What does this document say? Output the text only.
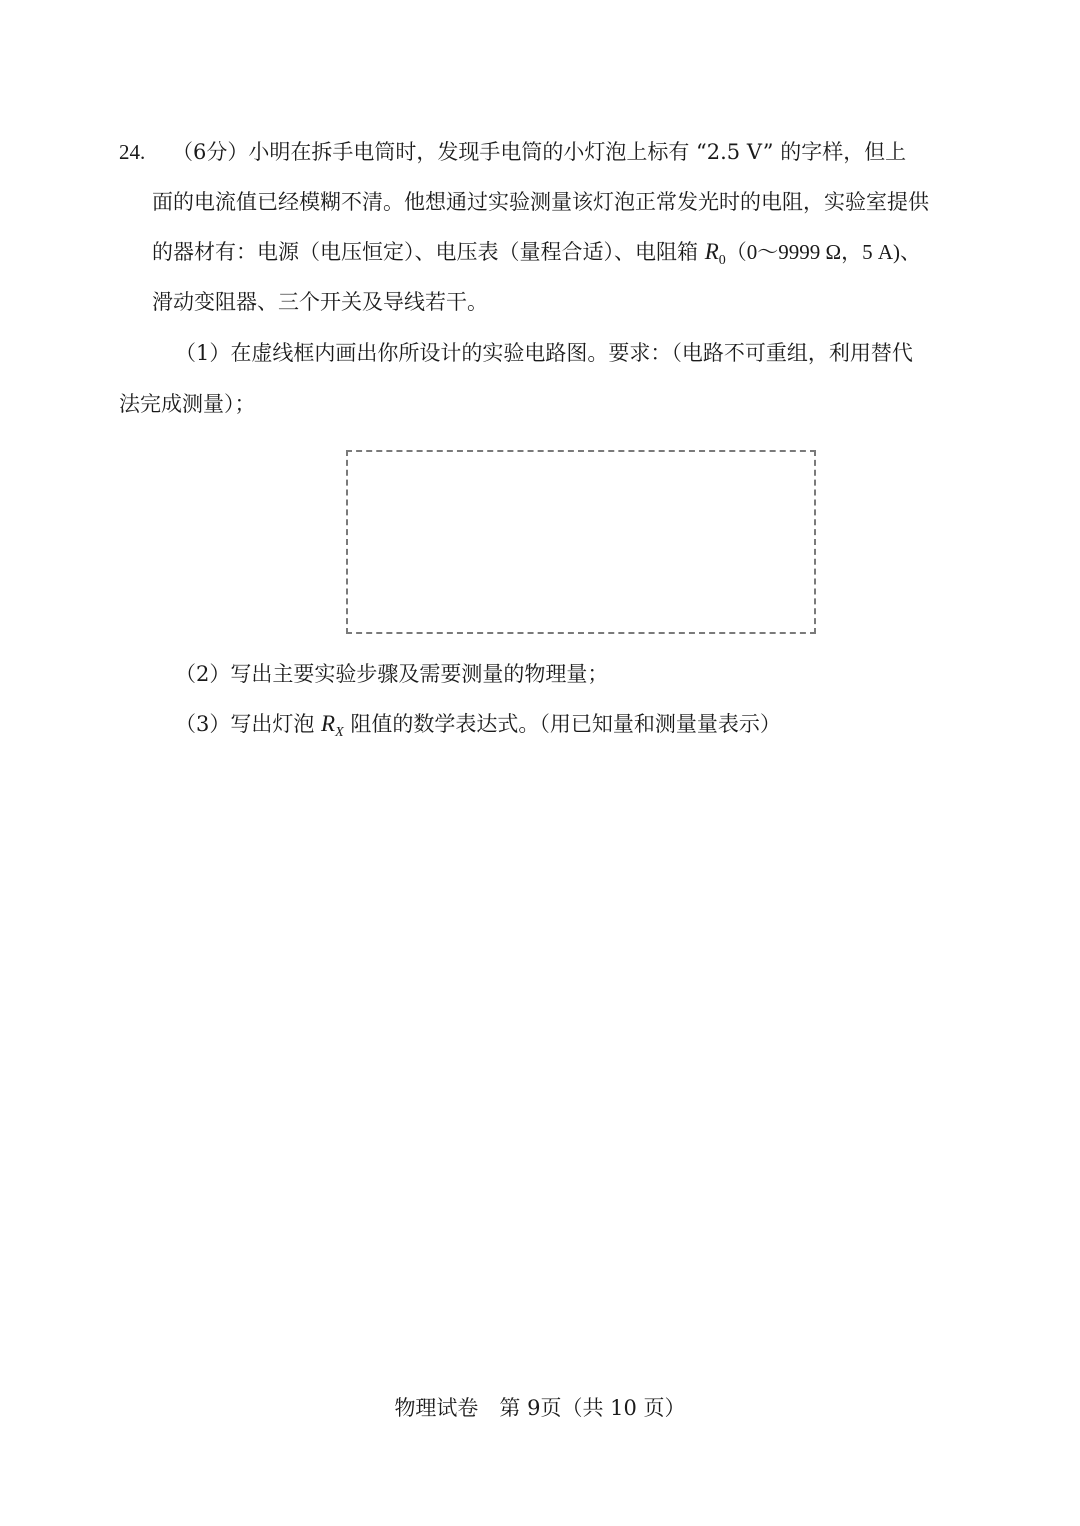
24. （6分）小明在拆手电筒时，发现手电筒的小灯泡上标有 “2.5 V” 的字样，但上
面的电流值已经模糊不清。他想通过实验测量该灯泡正常发光时的电阻，实验室提供
的器材有：电源（电压恒定）、电压表（量程合适）、电阻箱 $R_0(0\sim 9999$ Ω，5 A)、
滑动变阻器、三个开关及导线若干。
（1）在虚线框内画出你所设计的实验电路图。要求：（电路不可重组，利用替代
法完成测量）；
（2）写出主要实验步骤及需要测量的物理量；
（3）写出灯泡 $R_X$ 阻值的数学表达式。（用已知量和测量量表示）
物理试卷　第 9页（共 10 页）
